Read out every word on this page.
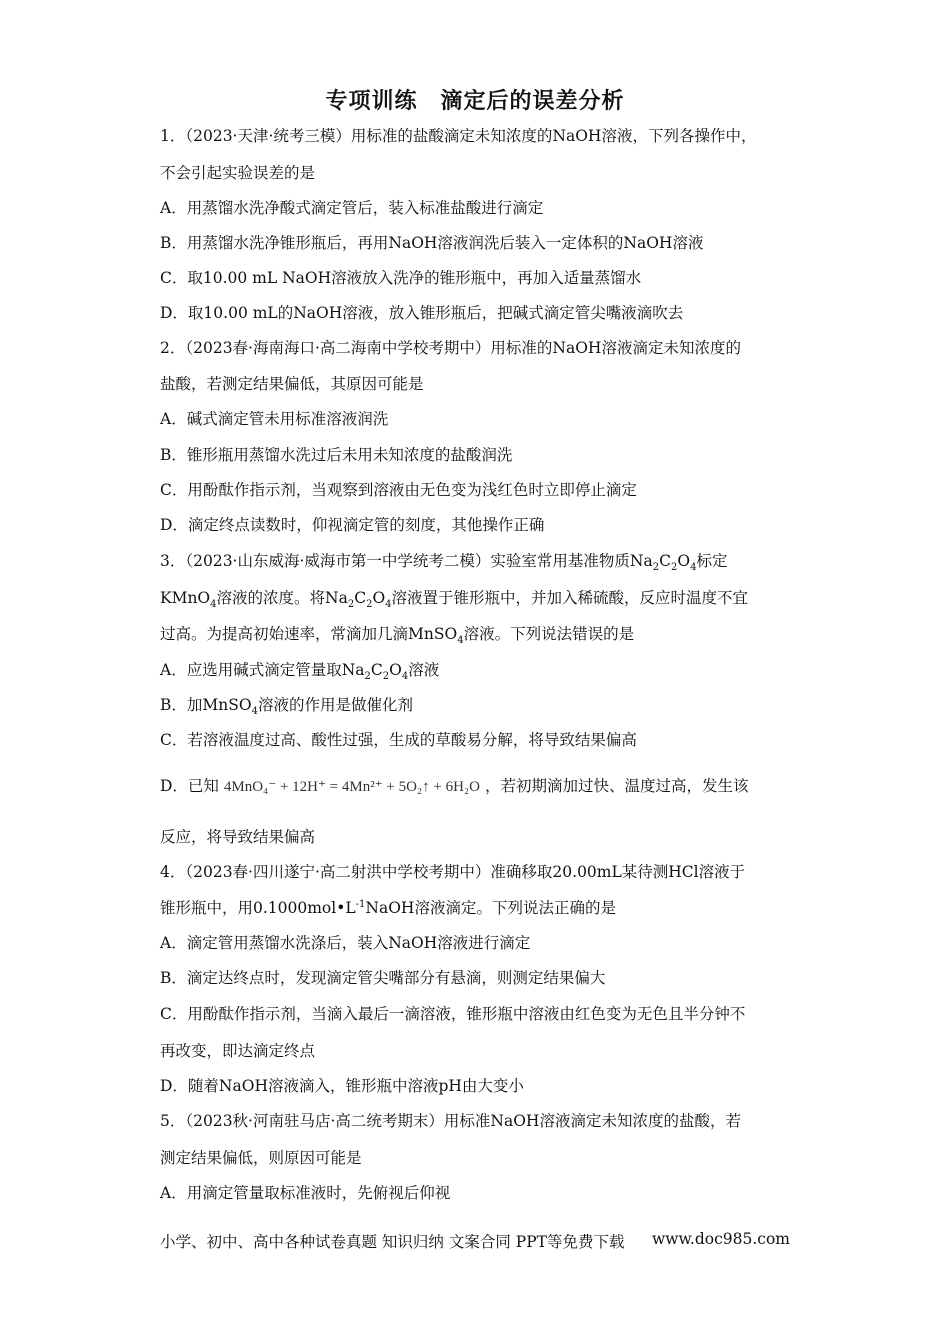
专项训练　滴定后的误差分析
1．（2023·天津·统考三模）用标准的盐酸滴定未知浓度的NaOH溶液，下列各操作中，
不会引起实验误差的是
A．用蒸馏水洗净酸式滴定管后，装入标准盐酸进行滴定
B．用蒸馏水洗净锥形瓶后，再用NaOH溶液润洗后装入一定体积的NaOH溶液
C．取10.00 mL NaOH溶液放入洗净的锥形瓶中，再加入适量蒸馏水
D．取10.00 mL的NaOH溶液，放入锥形瓶后，把碱式滴定管尖嘴液滴吹去
2．（2023春·海南海口·高二海南中学校考期中）用标准的NaOH溶液滴定未知浓度的
盐酸，若测定结果偏低，其原因可能是
A．碱式滴定管未用标准溶液润洗
B．锥形瓶用蒸馏水洗过后未用未知浓度的盐酸润洗
C．用酚酞作指示剂，当观察到溶液由无色变为浅红色时立即停止滴定
D．滴定终点读数时，仰视滴定管的刻度，其他操作正确
3．（2023·山东威海·威海市第一中学统考二模）实验室常用基准物质$Na_2C_2O_4$标定
KMnO$_4$溶液的浓度。将$Na_2C_2O_4$溶液置于锥形瓶中，并加入稀硫酸，反应时温度不宜
过高。为提高初始速率，常滴加几滴MnSO$_4$溶液。下列说法错误的是
A．应选用碱式滴定管量取$Na_2C_2O_4$溶液
B．加MnSO$_4$溶液的作用是做催化剂
C．若溶液温度过高、酸性过强，生成的草酸易分解，将导致结果偏高
D．已知 4MnO₄⁻ + 12H⁺ = 4Mn²⁺ + 5O₂↑ + 6H₂O ，若初期滴加过快、温度过高，发生该
反应，将导致结果偏高
4．（2023春·四川遂宁·高二射洪中学校考期中）准确移取20.00mL某待测HCl溶液于
锥形瓶中，用$0.1000mol•L^{-1}NaOH$溶液滴定。下列说法正确的是
A．滴定管用蒸馏水洗涤后，装入NaOH溶液进行滴定
B．滴定达终点时，发现滴定管尖嘴部分有悬滴，则测定结果偏大
C．用酚酞作指示剂，当滴入最后一滴溶液，锥形瓶中溶液由红色变为无色且半分钟不
再改变，即达滴定终点
D．随着NaOH溶液滴入，锥形瓶中溶液pH由大变小
5．（2023秋·河南驻马店·高二统考期末）用标准NaOH溶液滴定未知浓度的盐酸，若
测定结果偏低，则原因可能是
A．用滴定管量取标准液时，先俯视后仰视
小学、初中、高中各种试卷真题 知识归纳 文案合同 PPT等免费下载 www.doc985.com
